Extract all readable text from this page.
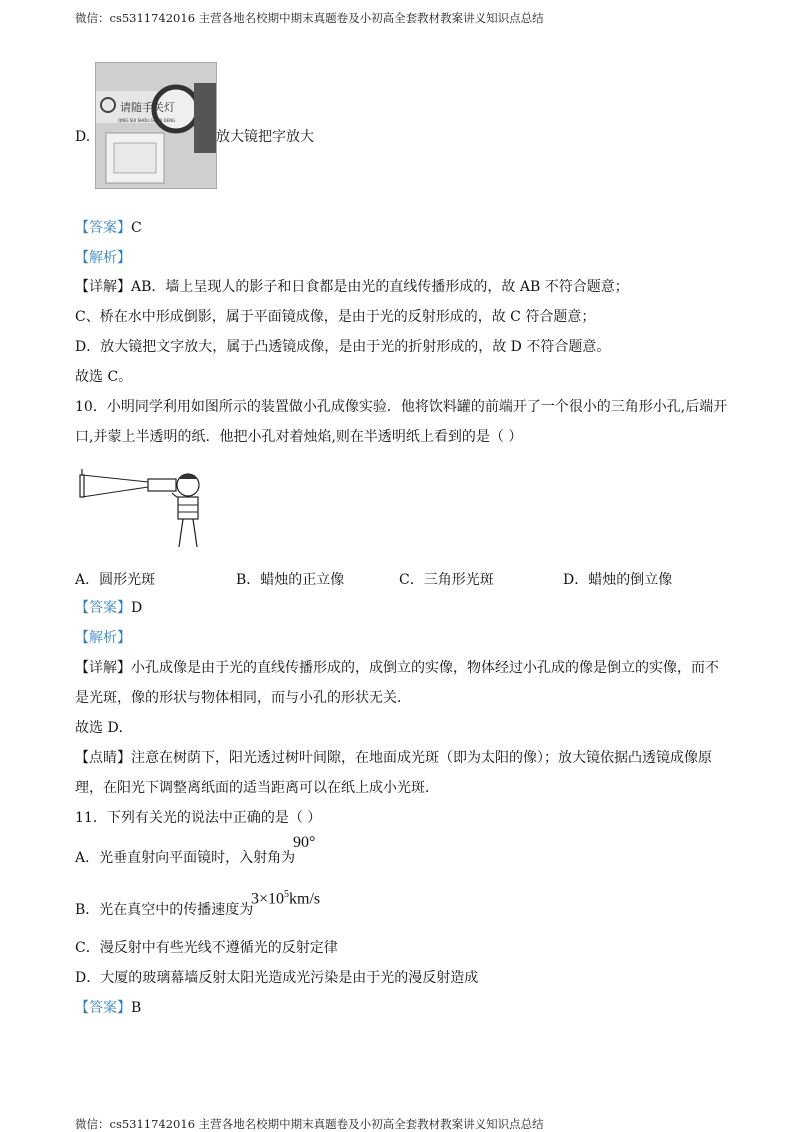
微信：cs5311742016 主营各地名校期中期末真题卷及小初高全套教材教案讲义知识点总结
请随手关灯
QING SUI SHOU GUAN DENG
D.	放大镜把字放大
【答案】C
【解析】
【详解】AB．墙上呈现人的影子和日食都是由光的直线传播形成的，故 AB 不符合题意；
C、桥在水中形成倒影，属于平面镜成像，是由于光的反射形成的，故 C 符合题意；
D．放大镜把文字放大，属于凸透镜成像，是由于光的折射形成的，故 D 不符合题意。
故选 C。
10．小明同学利用如图所示的装置做小孔成像实验．他将饮料罐的前端开了一个很小的三角形小孔,后端开
口,并蒙上半透明的纸．他把小孔对着烛焰,则在半透明纸上看到的是（ ）
A．圆形光斑	B．蜡烛的正立像	C．三角形光斑	D．蜡烛的倒立像
【答案】D
【解析】
【详解】小孔成像是由于光的直线传播形成的，成倒立的实像，物体经过小孔成的像是倒立的实像，而不
是光斑，像的形状与物体相同，而与小孔的形状无关．
故选 D．
【点睛】注意在树荫下，阳光透过树叶间隙，在地面成光斑（即为太阳的像）；放大镜依据凸透镜成像原
理，在阳光下调整离纸面的适当距离可以在纸上成小光斑．
11．下列有关光的说法中正确的是（ ）
A．光垂直射向平面镜时，入射角为
90°
B．光在真空中的传播速度为
$3\times 10^5km/s$
C．漫反射中有些光线不遵循光的反射定律
D．大厦的玻璃幕墙反射太阳光造成光污染是由于光的漫反射造成
【答案】B
微信：cs5311742016 主营各地名校期中期末真题卷及小初高全套教材教案讲义知识点总结
